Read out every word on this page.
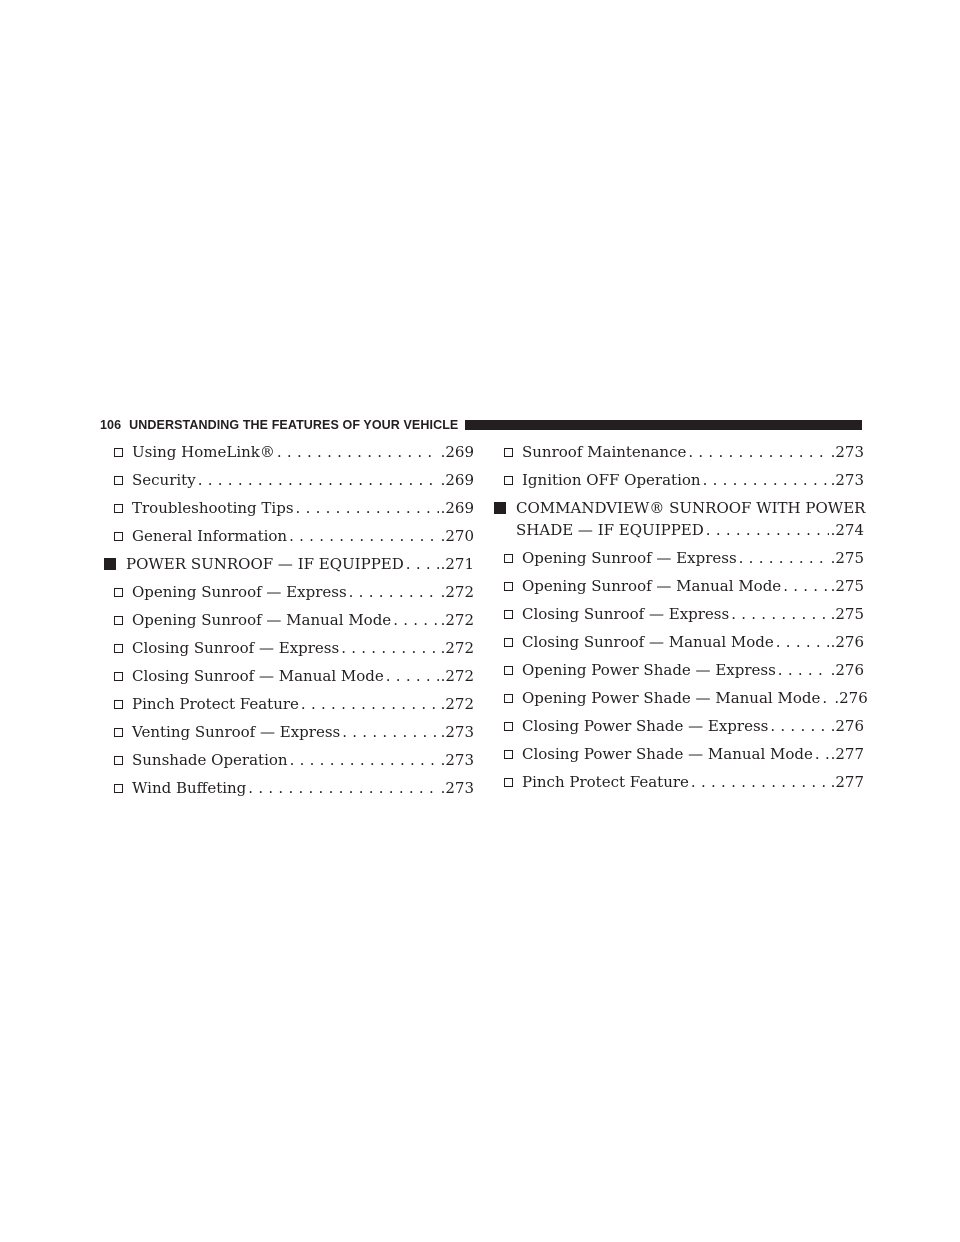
106 UNDERSTANDING THE FEATURES OF YOUR VEHICLE
Using HomeLink® . . .	.269
Security . . .	.269
Troubleshooting Tips . . .	.269
General Information . . .	.270
POWER SUNROOF — IF EQUIPPED . . . .271
Opening Sunroof — Express . . .	.272
Opening Sunroof — Manual Mode . . .	.272
Closing Sunroof — Express . . .	.272
Closing Sunroof — Manual Mode . . .	.272
Pinch Protect Feature . . .	.272
Venting Sunroof — Express . . .	.273
Sunshade Operation . . .	.273
Wind Buffeting . . .	.273
Sunroof Maintenance . . .	.273
Ignition OFF Operation . . .	.273
COMMANDVIEW® SUNROOF WITH POWER
SHADE — IF EQUIPPED . . .	.274
Opening Sunroof — Express . . .	.275
Opening Sunroof — Manual Mode . . .	.275
Closing Sunroof — Express . . .	.275
Closing Sunroof — Manual Mode . . .	.276
Opening Power Shade — Express . . .	.276
Opening Power Shade — Manual Mode . . . .276
Closing Power Shade — Express . . .	.276
Closing Power Shade — Manual Mode . . . .277
Pinch Protect Feature . . .	.277
